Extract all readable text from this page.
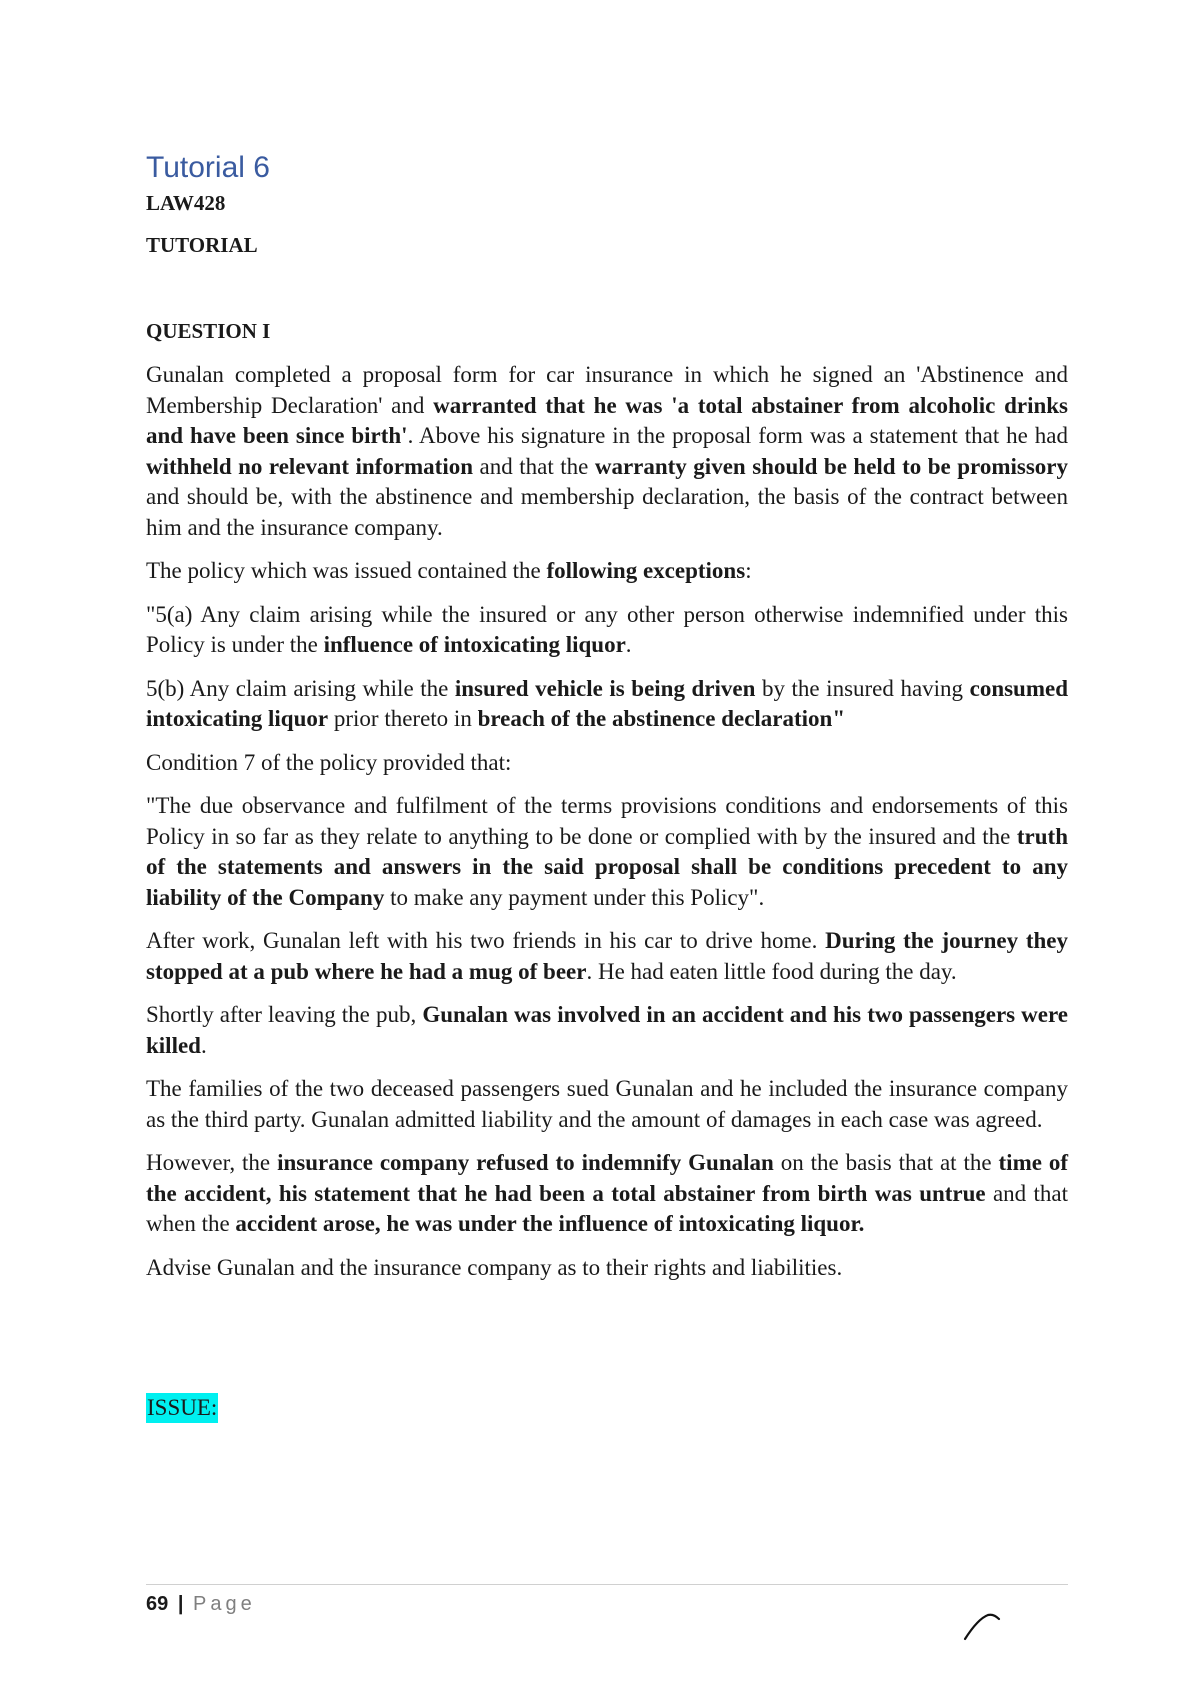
Tutorial 6
LAW428
TUTORIAL
QUESTION I

Gunalan completed a proposal form for car insurance in which he signed an 'Abstinence and Membership Declaration' and warranted that he was 'a total abstainer from alcoholic drinks and have been since birth'. Above his signature in the proposal form was a statement that he had withheld no relevant information and that the warranty given should be held to be promissory and should be, with the abstinence and membership declaration, the basis of the contract between him and the insurance company.

The policy which was issued contained the following exceptions:

"5(a) Any claim arising while the insured or any other person otherwise indemnified under this Policy is under the influence of intoxicating liquor.

5(b) Any claim arising while the insured vehicle is being driven by the insured having consumed intoxicating liquor prior thereto in breach of the abstinence declaration"

Condition 7 of the policy provided that:

"The due observance and fulfilment of the terms provisions conditions and endorsements of this Policy in so far as they relate to anything to be done or complied with by the insured and the truth of the statements and answers in the said proposal shall be conditions precedent to any liability of the Company to make any payment under this Policy".

After work, Gunalan left with his two friends in his car to drive home. During the journey they stopped at a pub where he had a mug of beer. He had eaten little food during the day.

Shortly after leaving the pub, Gunalan was involved in an accident and his two passengers were killed.

The families of the two deceased passengers sued Gunalan and he included the insurance company as the third party. Gunalan admitted liability and the amount of damages in each case was agreed.

However, the insurance company refused to indemnify Gunalan on the basis that at the time of the accident, his statement that he had been a total abstainer from birth was untrue and that when the accident arose, he was under the influence of intoxicating liquor.

Advise Gunalan and the insurance company as to their rights and liabilities.

ISSUE:
69 | Page
